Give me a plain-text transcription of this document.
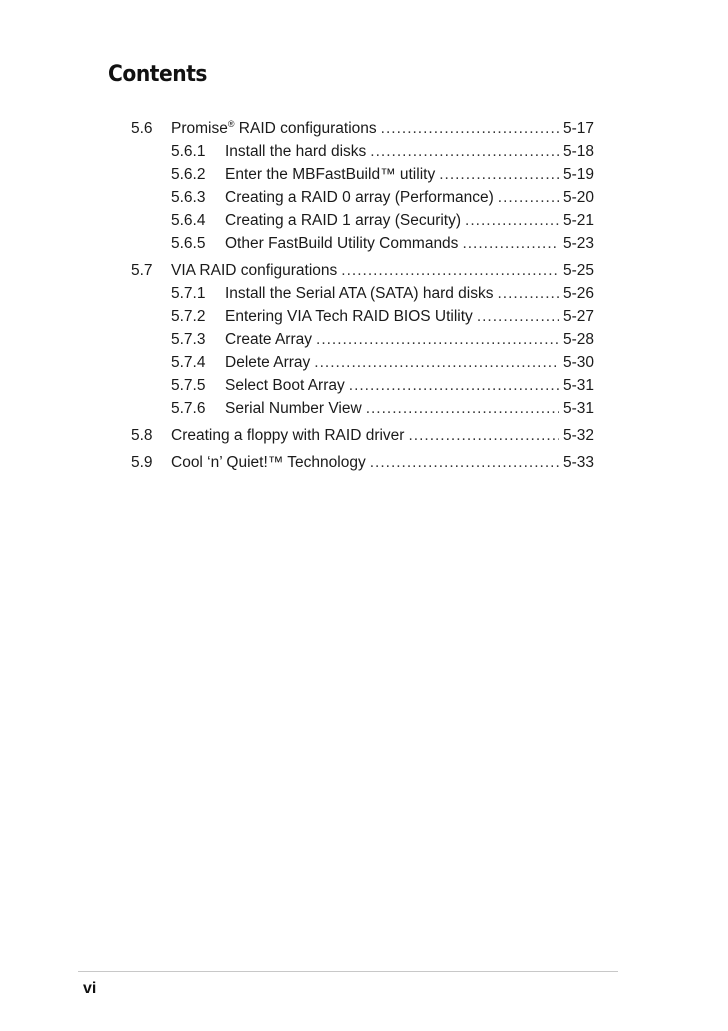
Contents
5.6	Promise® RAID configurations .....	5-17
5.6.1	Install the hard disks .....	5-18
5.6.2	Enter the MBFastBuild™ utility .....	5-19
5.6.3	Creating a RAID 0 array (Performance) .....	5-20
5.6.4	Creating a RAID 1 array (Security) .....	5-21
5.6.5	Other FastBuild Utility Commands .....	5-23
5.7	VIA RAID configurations .....	5-25
5.7.1	Install the Serial ATA (SATA) hard disks .....	5-26
5.7.2	Entering VIA Tech RAID BIOS Utility .....	5-27
5.7.3	Create Array .....	5-28
5.7.4	Delete Array .....	5-30
5.7.5	Select Boot Array .....	5-31
5.7.6	Serial Number View .....	5-31
5.8	Creating a floppy with RAID driver .....	5-32
5.9	Cool ‘n’ Quiet!™ Technology .....	5-33
vi
